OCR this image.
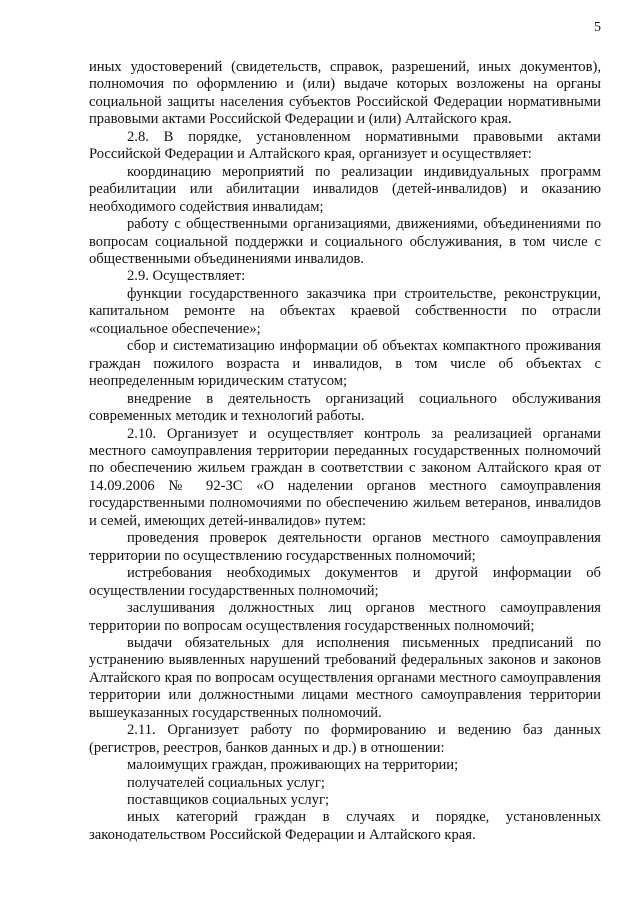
5

иных удостоверений (свидетельств, справок, разрешений, иных документов), полномочия по оформлению и (или) выдаче которых возложены на органы социальной защиты населения субъектов Российской Федерации нормативными правовыми актами Российской Федерации и (или) Алтайского края.

2.8. В порядке, установленном нормативными правовыми актами Российской Федерации и Алтайского края, организует и осуществляет:

координацию мероприятий по реализации индивидуальных программ реабилитации или абилитации инвалидов (детей-инвалидов) и оказанию необходимого содействия инвалидам;

работу с общественными организациями, движениями, объединениями по вопросам социальной поддержки и социального обслуживания, в том числе с общественными объединениями инвалидов.

2.9. Осуществляет:

функции государственного заказчика при строительстве, реконструкции, капитальном ремонте на объектах краевой собственности по отрасли «социальное обеспечение»;

сбор и систематизацию информации об объектах компактного проживания граждан пожилого возраста и инвалидов, в том числе об объектах с неопределенным юридическим статусом;

внедрение в деятельность организаций социального обслуживания современных методик и технологий работы.

2.10. Организует и осуществляет контроль за реализацией органами местного самоуправления территории переданных государственных полномочий по обеспечению жильем граждан в соответствии с законом Алтайского края от 14.09.2006 № 92-ЗС «О наделении органов местного самоуправления государственными полномочиями по обеспечению жильем ветеранов, инвалидов и семей, имеющих детей-инвалидов» путем:

проведения проверок деятельности органов местного самоуправления территории по осуществлению государственных полномочий;

истребования необходимых документов и другой информации об осуществлении государственных полномочий;

заслушивания должностных лиц органов местного самоуправления территории по вопросам осуществления государственных полномочий;

выдачи обязательных для исполнения письменных предписаний по устранению выявленных нарушений требований федеральных законов и законов Алтайского края по вопросам осуществления органами местного самоуправления территории или должностными лицами местного самоуправления территории вышеуказанных государственных полномочий.

2.11. Организует работу по формированию и ведению баз данных (регистров, реестров, банков данных и др.) в отношении:

малоимущих граждан, проживающих на территории;

получателей социальных услуг;

поставщиков социальных услуг;

иных категорий граждан в случаях и порядке, установленных законодательством Российской Федерации и Алтайского края.
